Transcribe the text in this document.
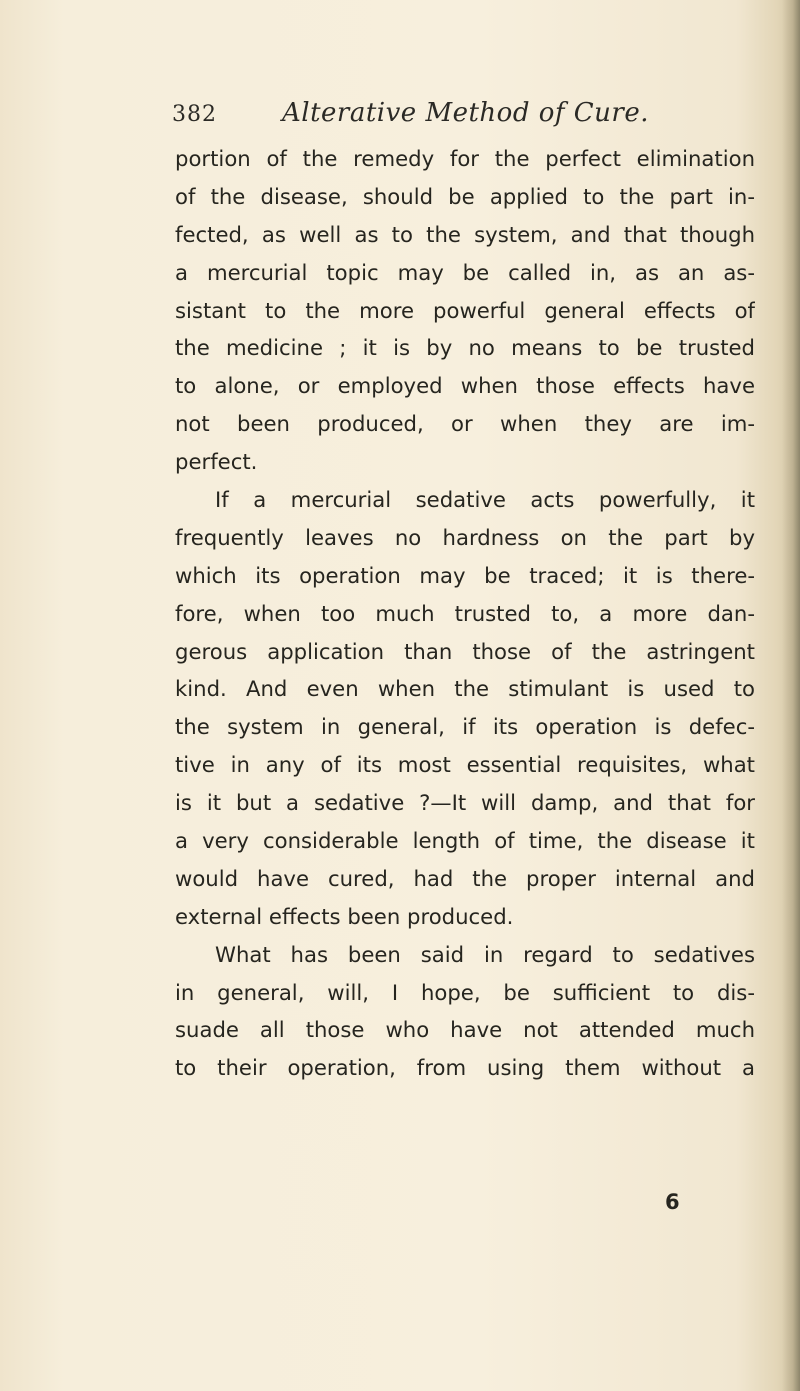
382	Alterative Method of Cure.
portion of the remedy for the perfect elimination
of the disease, should be applied to the part in-
fected, as well as to the system, and that though
a mercurial topic may be called in, as an as-
sistant to the more powerful general effects of
the medicine ; it is by no means to be trusted
to alone, or employed when those effects have
not been produced, or when they are im-
perfect.
If a mercurial sedative acts powerfully, it
frequently leaves no hardness on the part by
which its operation may be traced; it is there-
fore, when too much trusted to, a more dan-
gerous application than those of the astringent
kind. And even when the stimulant is used to
the system in general, if its operation is defec-
tive in any of its most essential requisites, what
is it but a sedative ?—It will damp, and that for
a very considerable length of time, the disease it
would have cured, had the proper internal and
external effects been produced.
What has been said in regard to sedatives
in general, will, I hope, be sufficient to dis-
suade all those who have not attended much
to their operation, from using them without a
6
